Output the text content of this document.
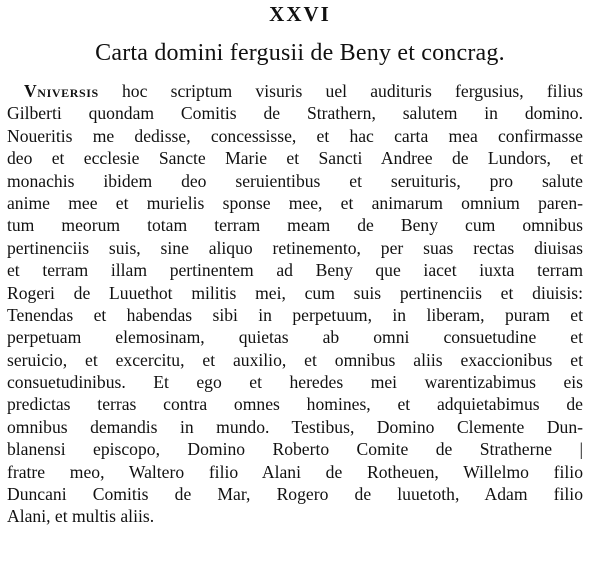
XXVI
Carta domini fergusii de Beny et concrag.
Vniversis hoc scriptum visuris uel audituris fergusius, filius
Gilberti quondam Comitis de Strathern, salutem in domino.
Noueritis me dedisse, concessisse, et hac carta mea confirmasse
deo et ecclesie Sancte Marie et Sancti Andree de Lundors, et
monachis ibidem deo seruientibus et seruituris, pro salute
anime mee et murielis sponse mee, et animarum omnium paren-
tum meorum totam terram meam de Beny cum omnibus
pertinenciis suis, sine aliquo retinemento, per suas rectas diuisas
et terram illam pertinentem ad Beny que iacet iuxta terram
Rogeri de Luuethot militis mei, cum suis pertinenciis et diuisis:
Tenendas et habendas sibi in perpetuum, in liberam, puram et
perpetuam elemosinam, quietas ab omni consuetudine et
seruicio, et excercitu, et auxilio, et omnibus aliis exaccionibus et
consuetudinibus. Et ego et heredes mei warentizabimus eis
predictas terras contra omnes homines, et adquietabimus de
omnibus demandis in mundo. Testibus, Domino Clemente Dun-
blanensi episcopo, Domino Roberto Comite de Stratherne |
fratre meo, Waltero filio Alani de Rotheuen, Willelmo filio
Duncani Comitis de Mar, Rogero de luuetoth, Adam filio
Alani, et multis aliis.
